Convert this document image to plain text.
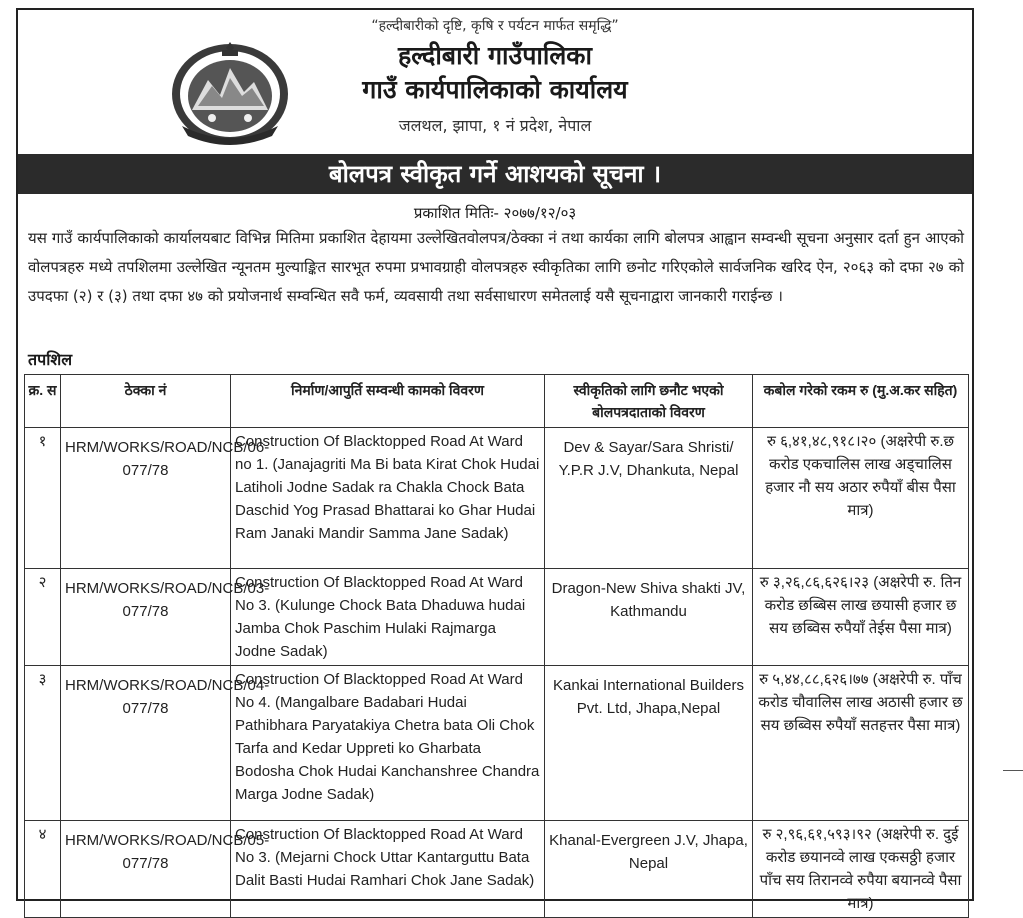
“हल्दीबारीको दृष्टि, कृषि र पर्यटन मार्फत समृद्धि”
हल्दीबारी गाउँपालिका
गाउँ कार्यपालिकाको कार्यालय
जलथल, झापा, १ नं प्रदेश, नेपाल
बोलपत्र स्वीकृत गर्ने आशयको सूचना ।
प्रकाशित मितिः- २०७७/१२/०३
यस गाउँ कार्यपालिकाको कार्यालयबाट विभिन्न मितिमा प्रकाशित देहायमा उल्लेखितवोलपत्र/ठेक्का नं तथा कार्यका लागि बोलपत्र आह्वान सम्वन्धी सूचना अनुसार दर्ता हुन आएको वोलपत्रहरु मध्ये तपशिलमा उल्लेखित न्यूनतम मुल्याङ्कित सारभूत रुपमा प्रभावग्राही वोलपत्रहरु स्वीकृतिका लागि छनोट गरिएकोले सार्वजनिक खरिद ऐन, २०६३ को दफा २७ को उपदफा (२) र (३) तथा दफा ४७ को प्रयोजनार्थ सम्वन्धित सवै फर्म, व्यवसायी तथा सर्वसाधारण समेतलाई यसै सूचनाद्वारा जानकारी गराईन्छ ।
तपशिल
क्र. स	ठेक्का नं	निर्माण/आपुर्ति सम्वन्धी कामको विवरण	स्वीकृतिको लागि छनौट भएको बोलपत्रदाताको विवरण	कबोल गरेको रकम रु (मु.अ.कर सहित)
१	HRM/WORKS/ROAD/NCB/06-077/78	Construction Of Blacktopped Road At Ward no 1. (Janajagriti Ma Bi bata Kirat Chok Hudai Latiholi Jodne Sadak ra Chakla Chock Bata Daschid Yog Prasad Bhattarai ko Ghar Hudai Ram Janaki Mandir Samma Jane Sadak)	Dev & Sayar/Sara Shristi/ Y.P.R J.V, Dhankuta, Nepal	रु ६,४१,४८,९१८।२० (अक्षरेपी रु.छ करोड एकचालिस लाख अड्चालिस हजार नौ सय अठार रुपैयाँ बीस पैसा मात्र)
२	HRM/WORKS/ROAD/NCB/03-077/78	Construction Of Blacktopped Road At Ward No 3. (Kulunge Chock Bata Dhaduwa hudai Jamba Chok Paschim Hulaki Rajmarga Jodne Sadak)	Dragon-New Shiva shakti JV, Kathmandu	रु ३,२६,८६,६२६।२३ (अक्षरेपी रु. तिन करोड छब्बिस लाख छयासी हजार छ सय छब्विस रुपैयाँ तेईस पैसा मात्र)
३	HRM/WORKS/ROAD/NCB/04-077/78	Construction Of Blacktopped Road At Ward No 4. (Mangalbare Badabari Hudai Pathibhara Paryatakiya Chetra bata Oli Chok Tarfa and Kedar Uppreti ko Gharbata Bodosha Chok Hudai Kanchanshree Chandra Marga Jodne Sadak)	Kankai International Builders Pvt. Ltd, Jhapa,Nepal	रु ५,४४,८८,६२६।७७ (अक्षरेपी रु. पाँच करोड चौवालिस लाख अठासी हजार छ सय छब्विस रुपैयाँ सतहत्तर पैसा मात्र)
४	HRM/WORKS/ROAD/NCB/05-077/78	Construction Of Blacktopped Road At Ward No 3. (Mejarni Chock Uttar Kantarguttu Bata Dalit Basti Hudai Ramhari Chok Jane Sadak)	Khanal-Evergreen J.V, Jhapa, Nepal	रु २,९६,६१,५९३।९२ (अक्षरेपी रु. दुई करोड छयानव्वे लाख एकसठ्ठी हजार पाँच सय तिरानव्वे रुपैया बयानव्वे पैसा मात्र)
